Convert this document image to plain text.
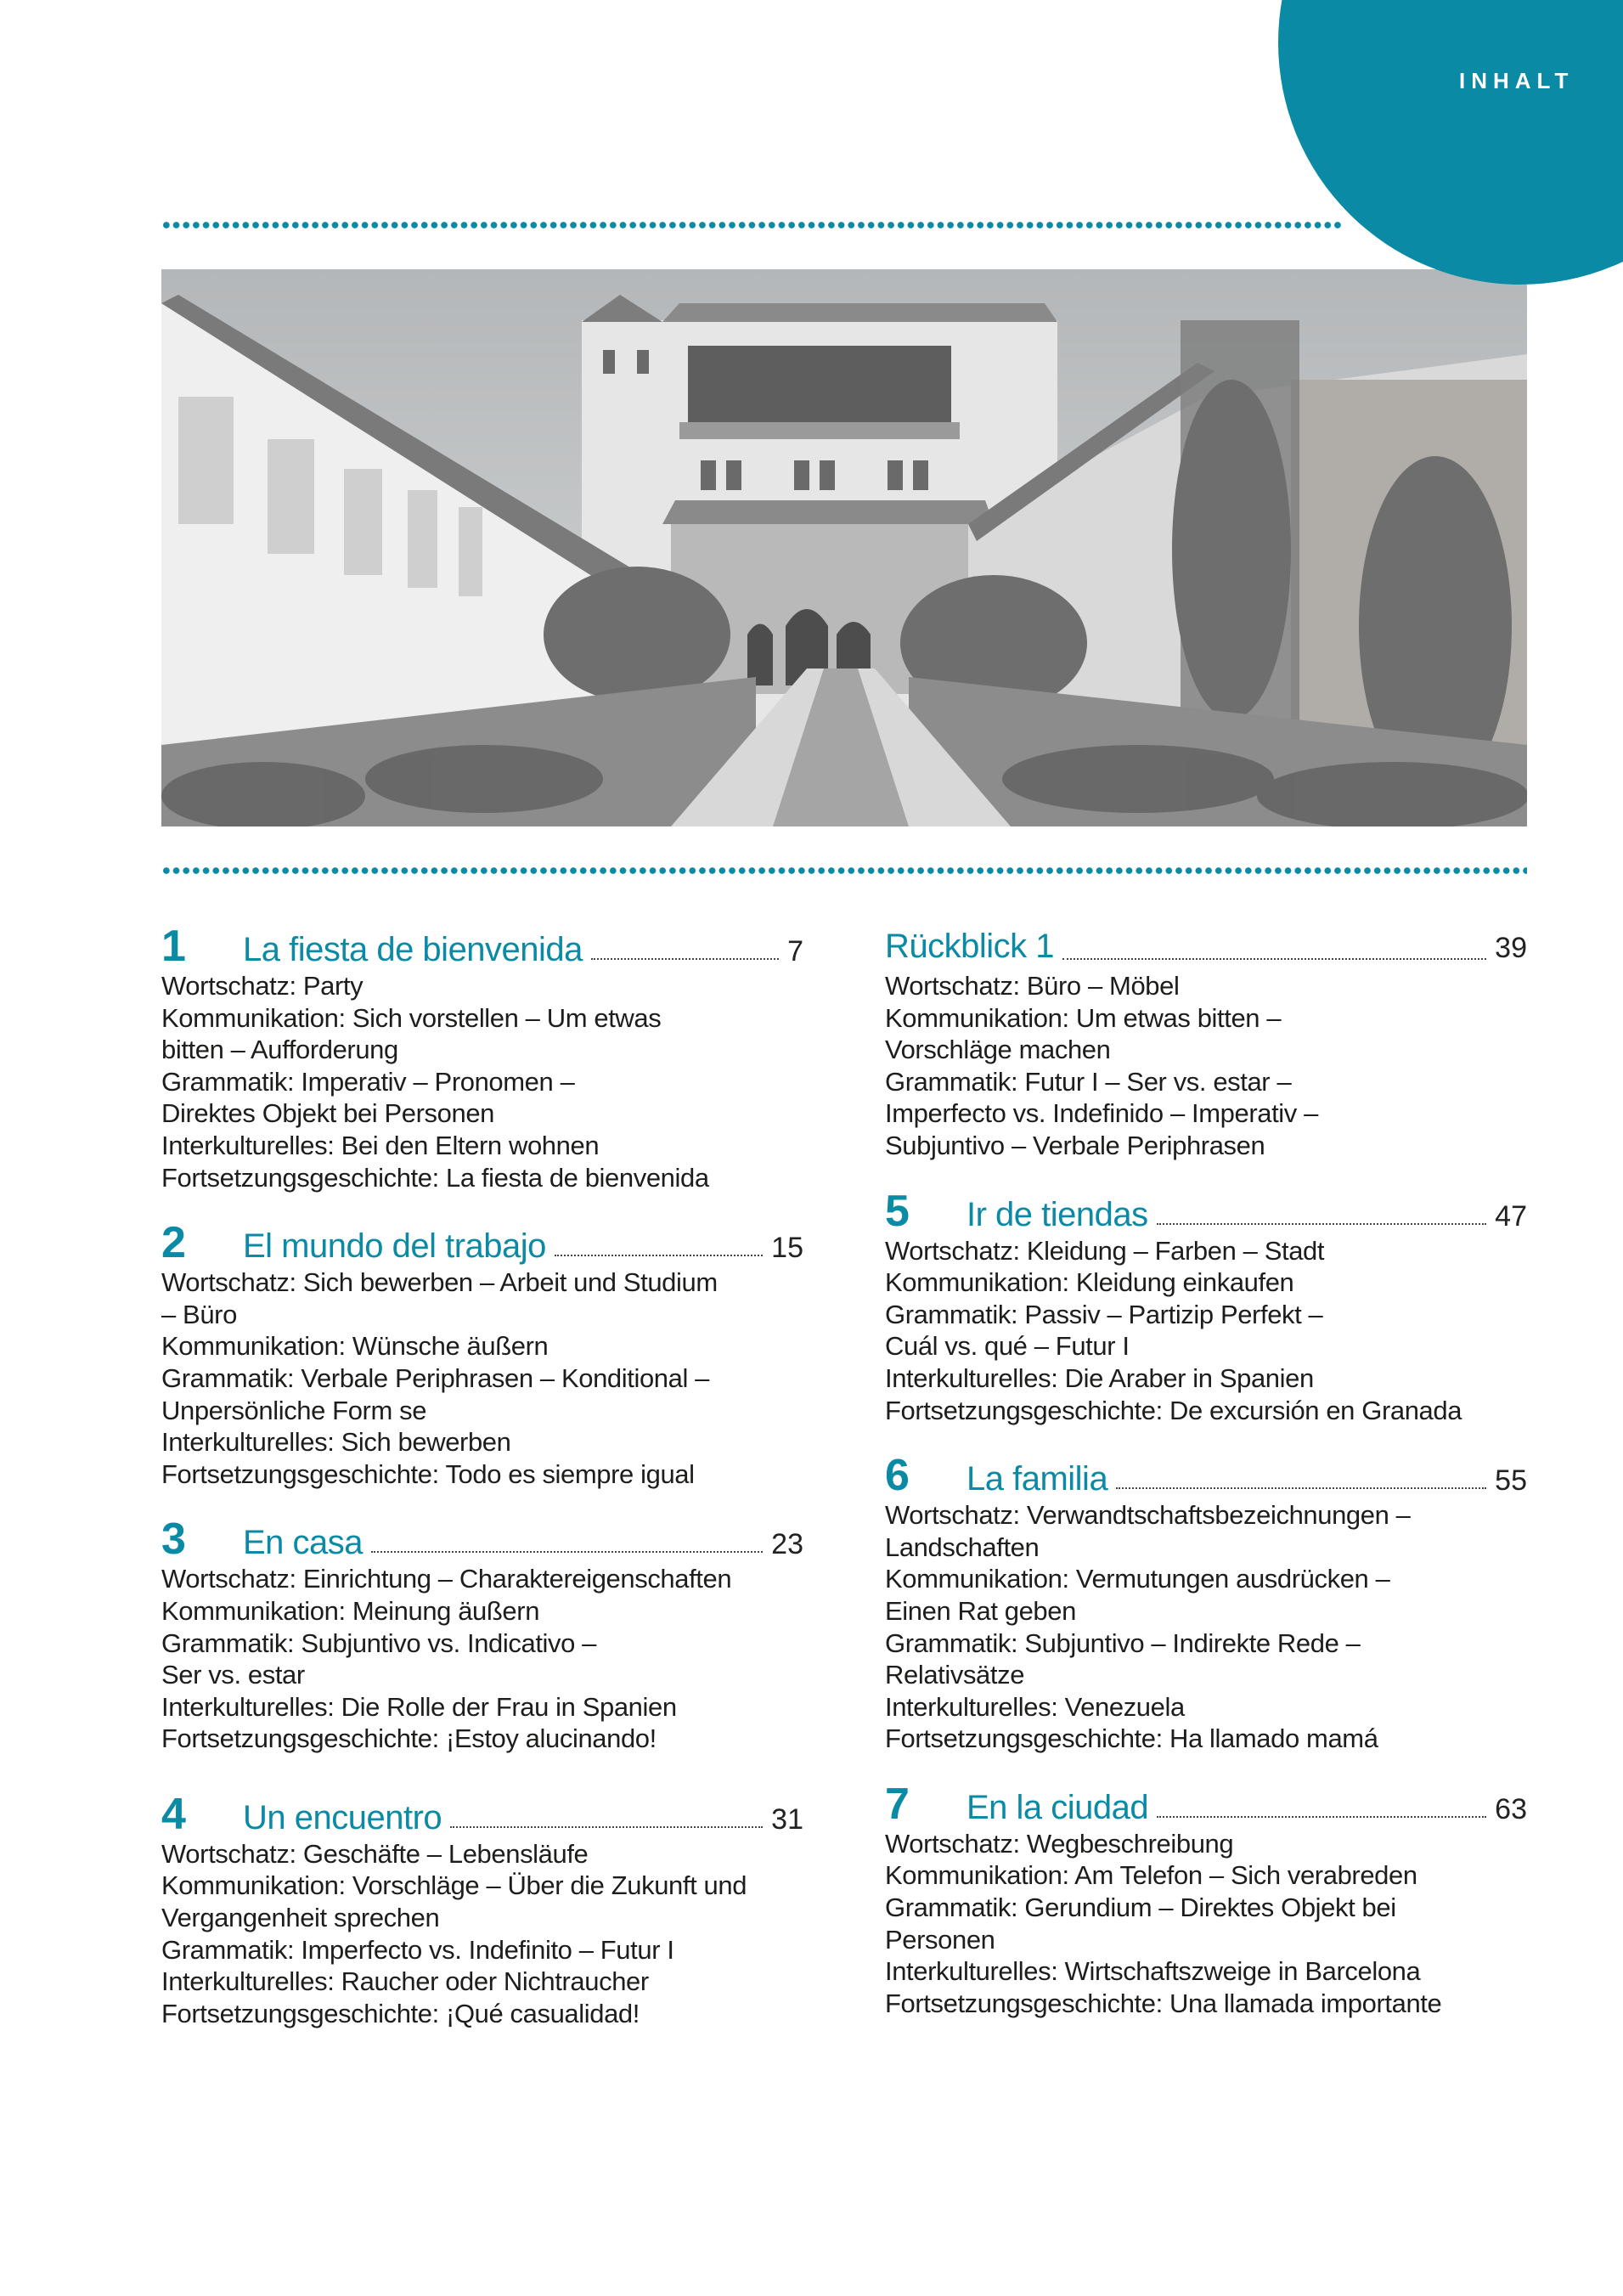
INHALT
1	La fiesta de bienvenida	7
Wortschatz: Party
Kommunikation: Sich vorstellen – Um etwas
bitten – Aufforderung
Grammatik: Imperativ – Pronomen –
Direktes Objekt bei Personen
Interkulturelles: Bei den Eltern wohnen
Fortsetzungsgeschichte: La fiesta de bienvenida
2	El mundo del trabajo	15
Wortschatz: Sich bewerben – Arbeit und Studium
– Büro
Kommunikation: Wünsche äußern
Grammatik: Verbale Periphrasen – Konditional –
Unpersönliche Form se
Interkulturelles: Sich bewerben
Fortsetzungsgeschichte: Todo es siempre igual
3	En casa	23
Wortschatz: Einrichtung – Charaktereigenschaften
Kommunikation: Meinung äußern
Grammatik: Subjuntivo vs. Indicativo –
Ser vs. estar
Interkulturelles: Die Rolle der Frau in Spanien
Fortsetzungsgeschichte: ¡Estoy alucinando!
4	Un encuentro	31
Wortschatz: Geschäfte – Lebensläufe
Kommunikation: Vorschläge – Über die Zukunft und
Vergangenheit sprechen
Grammatik: Imperfecto vs. Indefinito – Futur I
Interkulturelles: Raucher oder Nichtraucher
Fortsetzungsgeschichte: ¡Qué casualidad!
Rückblick 1	39
Wortschatz: Büro – Möbel
Kommunikation: Um etwas bitten –
Vorschläge machen
Grammatik: Futur I – Ser vs. estar –
Imperfecto vs. Indefinido – Imperativ –
Subjuntivo – Verbale Periphrasen
5	Ir de tiendas	47
Wortschatz: Kleidung – Farben – Stadt
Kommunikation: Kleidung einkaufen
Grammatik: Passiv – Partizip Perfekt –
Cuál vs. qué – Futur I
Interkulturelles: Die Araber in Spanien
Fortsetzungsgeschichte: De excursión en Granada
6	La familia	55
Wortschatz: Verwandtschaftsbezeichnungen –
Landschaften
Kommunikation: Vermutungen ausdrücken –
Einen Rat geben
Grammatik: Subjuntivo – Indirekte Rede –
Relativsätze
Interkulturelles: Venezuela
Fortsetzungsgeschichte: Ha llamado mamá
7	En la ciudad	63
Wortschatz: Wegbeschreibung
Kommunikation: Am Telefon – Sich verabreden
Grammatik: Gerundium – Direktes Objekt bei
Personen
Interkulturelles: Wirtschaftszweige in Barcelona
Fortsetzungsgeschichte: Una llamada importante
